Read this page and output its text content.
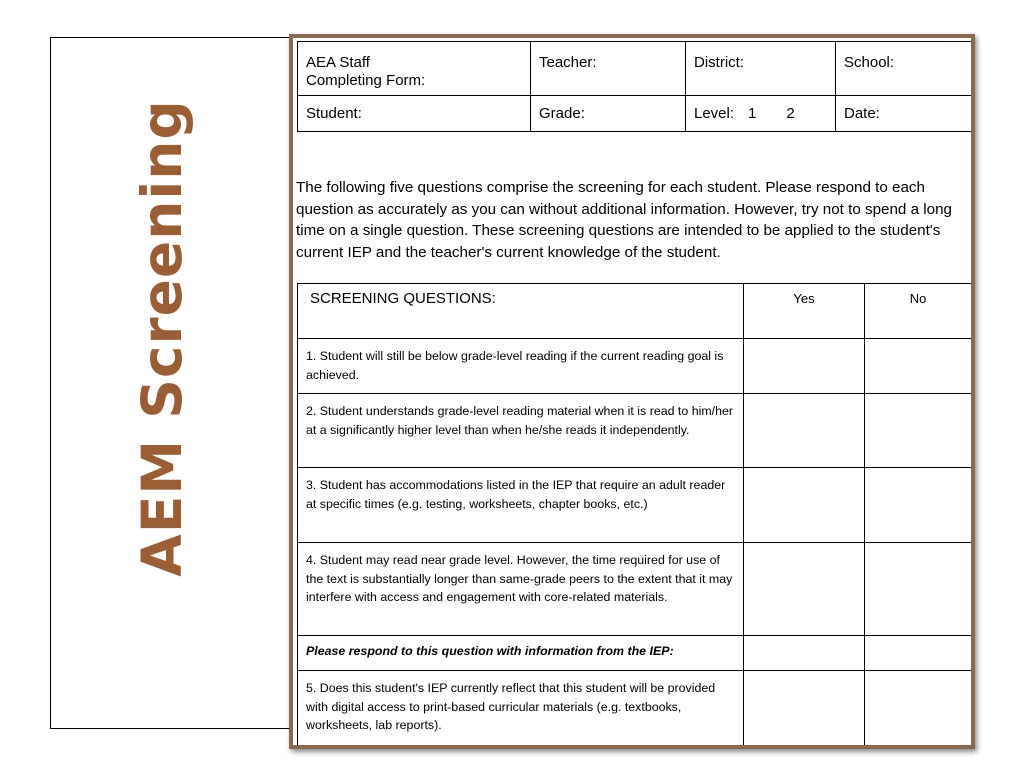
AEM Screening
AEA Staff Completing Form:	Teacher:	District:	School:
Student:	Grade:	Level: 1 2	Date:
The following five questions comprise the screening for each student. Please respond to each question as accurately as you can without additional information. However, try not to spend a long time on a single question. These screening questions are intended to be applied to the student's current IEP and the teacher's current knowledge of the student.
SCREENING QUESTIONS:	Yes	No
1. Student will still be below grade-level reading if the current reading goal is achieved.		
2. Student understands grade-level reading material when it is read to him/her at a significantly higher level than when he/she reads it independently.		
3. Student has accommodations listed in the IEP that require an adult reader at specific times (e.g. testing, worksheets, chapter books, etc.)		
4. Student may read near grade level. However, the time required for use of the text is substantially longer than same-grade peers to the extent that it may interfere with access and engagement with core-related materials.		
Please respond to this question with information from the IEP:		
5. Does this student's IEP currently reflect that this student will be provided with digital access to print-based curricular materials (e.g. textbooks, worksheets, lab reports).		
